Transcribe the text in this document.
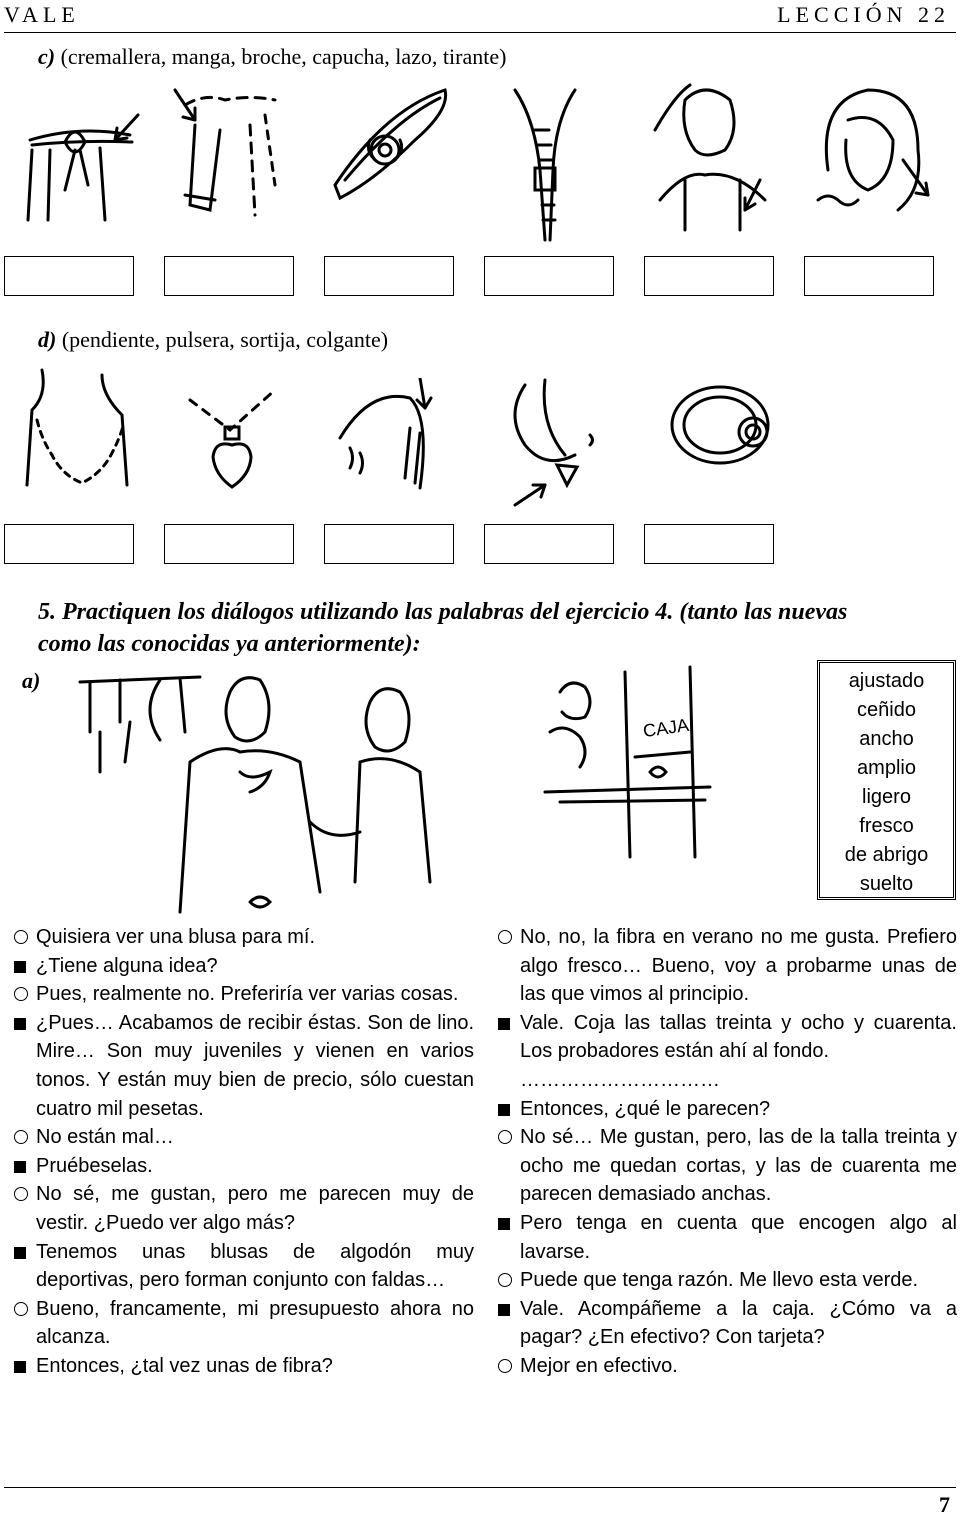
VALE	LECCIÓN 22
c) (cremallera, manga, broche, capucha, lazo, tirante)
d) (pendiente, pulsera, sortija, colgante)
5. Practiquen los diálogos utilizando las palabras del ejercicio 4. (tanto las nuevas como las conocidas ya anteriormente):
a)
CAJA
ajustado
ceñido
ancho
amplio
ligero
fresco
de abrigo
suelto

Quisiera ver una blusa para mí.

¿Tiene alguna idea?

Pues, realmente no. Preferiría ver varias cosas.

¿Pues… Acabamos de recibir éstas. Son de lino. Mire… Son muy juveniles y vienen en varios tonos. Y están muy bien de precio, sólo cuestan cuatro mil pesetas.

No están mal…

Pruébeselas.

No sé, me gustan, pero me parecen muy de vestir. ¿Puedo ver algo más?

Tenemos unas blusas de algodón muy deportivas, pero forman conjunto con faldas…

Bueno, francamente, mi presupuesto ahora no alcanza.

Entonces, ¿tal vez unas de fibra?

No, no, la fibra en verano no me gusta. Prefiero algo fresco… Bueno, voy a probarme unas de las que vimos al principio.

Vale. Coja las tallas treinta y ocho y cuarenta. Los probadores están ahí al fondo.

…………………………

Entonces, ¿qué le parecen?

No sé… Me gustan, pero, las de la talla treinta y ocho me quedan cortas, y las de cuarenta me parecen demasiado anchas.

Pero tenga en cuenta que encogen algo al lavarse.

Puede que tenga razón. Me llevo esta verde.

Vale. Acompáñeme a la caja. ¿Cómo va a pagar? ¿En efectivo? Con tarjeta?

Mejor en efectivo.

7
